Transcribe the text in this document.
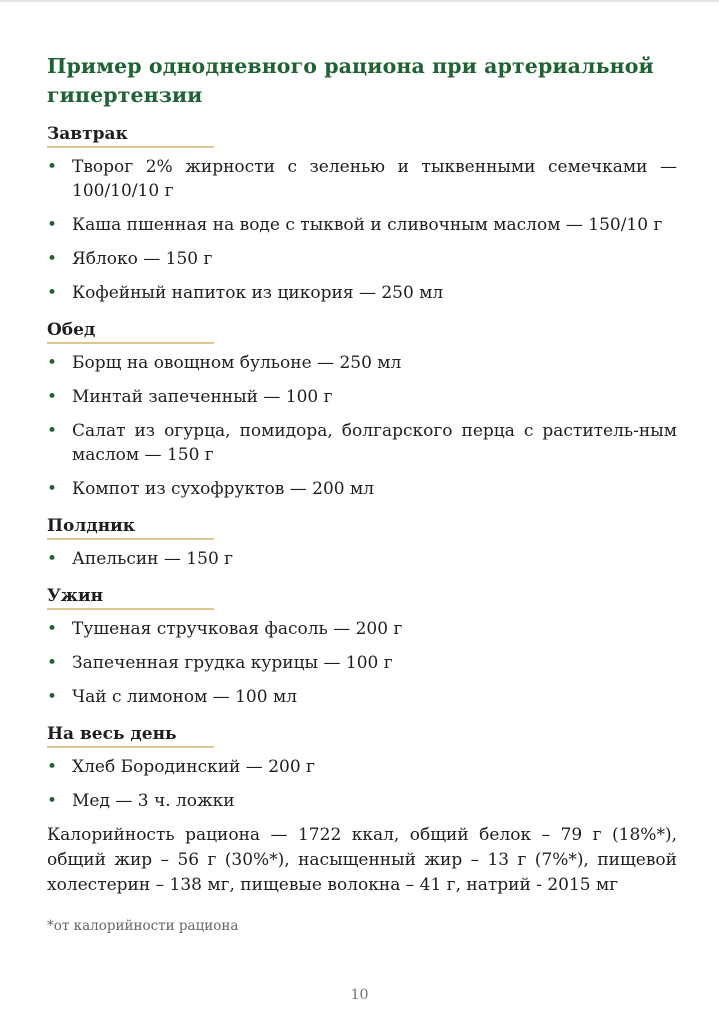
Пример однодневного рациона при артериальной гипертензии
Завтрак
• Творог 2% жирности с зеленью и тыквенными семечками — 100/10/10 г
• Каша пшенная на воде с тыквой и сливочным маслом — 150/10 г
• Яблоко — 150 г
• Кофейный напиток из цикория — 250 мл
Обед
• Борщ на овощном бульоне — 250 мл
• Минтай запеченный — 100 г
• Салат из огурца, помидора, болгарского перца с раститель-ным маслом — 150 г
• Компот из сухофруктов — 200 мл
Полдник
• Апельсин — 150 г
Ужин
• Тушеная стручковая фасоль — 200 г
• Запеченная грудка курицы — 100 г
• Чай с лимоном — 100 мл
На весь день
• Хлеб Бородинский — 200 г
• Мед — 3 ч. ложки

Калорийность рациона — 1722 ккал, общий белок – 79 г (18%*), общий жир – 56 г (30%*), насыщенный жир – 13 г (7%*), пищевой холестерин – 138 мг, пищевые волокна – 41 г, натрий - 2015 мг

*от калорийности рациона
10
